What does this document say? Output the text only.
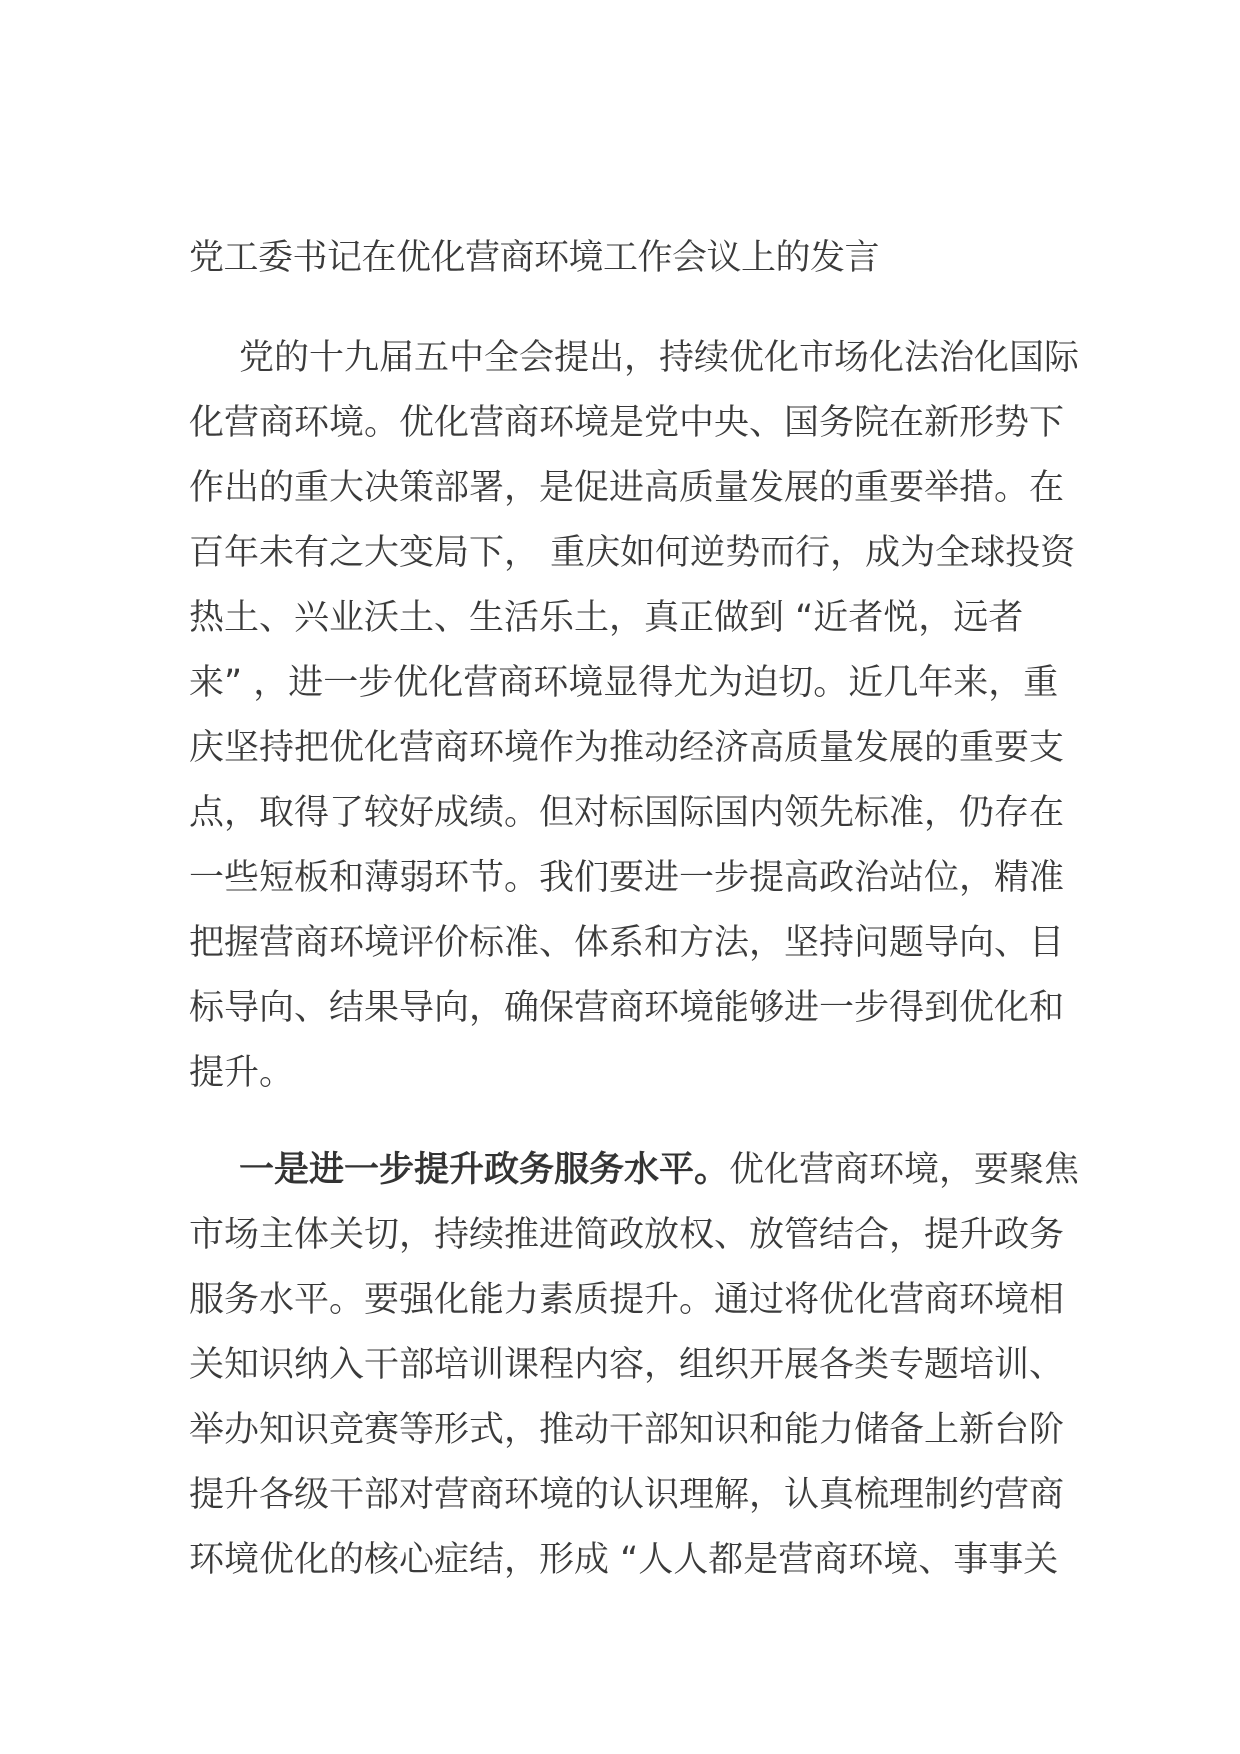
党工委书记在优化营商环境工作会议上的发言

党的十九届五中全会提出，持续优化市场化法治化国际
化营商环境。优化营商环境是党中央、国务院在新形势下
作出的重大决策部署，是促进高质量发展的重要举措。在
百年未有之大变局下， 重庆如何逆势而行，成为全球投资
热土、兴业沃土、生活乐土，真正做到 “近者悦，远者
来” ，进一步优化营商环境显得尤为迫切。近几年来，重
庆坚持把优化营商环境作为推动经济高质量发展的重要支
点，取得了较好成绩。但对标国际国内领先标准，仍存在
一些短板和薄弱环节。我们要进一步提高政治站位，精准
把握营商环境评价标准、体系和方法，坚持问题导向、目
标导向、结果导向，确保营商环境能够进一步得到优化和
提升。

一是进一步提升政务服务水平。优化营商环境，要聚焦
市场主体关切，持续推进简政放权、放管结合，提升政务
服务水平。要强化能力素质提升。通过将优化营商环境相
关知识纳入干部培训课程内容，组织开展各类专题培训、
举办知识竞赛等形式，推动干部知识和能力储备上新台阶
提升各级干部对营商环境的认识理解，认真梳理制约营商
环境优化的核心症结，形成 “人人都是营商环境、事事关
